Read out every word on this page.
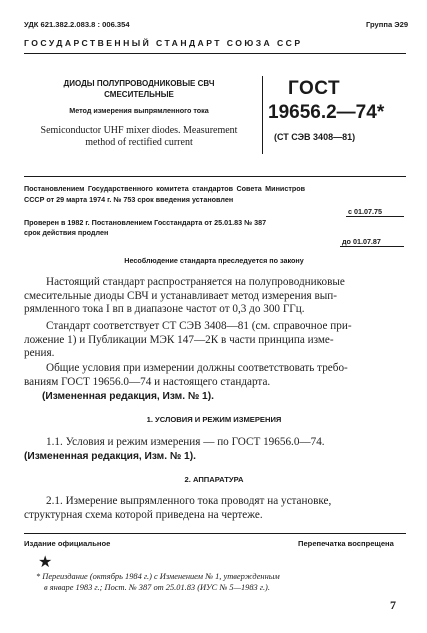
УДК 621.382.2.083.8 : 006.354	Группа Э29
ГОСУДАРСТВЕННЫЙ СТАНДАРТ СОЮЗА ССР
ДИОДЫ ПОЛУПРОВОДНИКОВЫЕ СВЧ
СМЕСИТЕЛЬНЫЕ
Метод измерения выпрямленного тока
Semiconductor UHF mixer diodes. Measurement
method of rectified current
ГОСТ
19656.2—74*
(СТ СЭВ 3408—81)
Постановлением Государственного комитета стандартов Совета Министров
СССР от 29 марта 1974 г. № 753 срок введения установлен
с 01.07.75
Проверен в 1982 г. Постановлением Госстандарта от 25.01.83 № 387
срок действия продлен
до 01.07.87
Несоблюдение стандарта преследуется по закону
Настоящий стандарт распространяется на полупроводниковые
смесительные диоды СВЧ и устанавливает метод измерения вып-
рямленного тока I вп в диапазоне частот от 0,3 до 300 ГГц.
Стандарт соответствует СТ СЭВ 3408—81 (см. справочное при-
ложение 1) и Публикации МЭК 147—2К в части принципа изме-
рения.
Общие условия при измерении должны соответствовать требо-
ваниям ГОСТ 19656.0—74 и настоящего стандарта.
(Измененная редакция, Изм. № 1).
1. УСЛОВИЯ И РЕЖИМ ИЗМЕРЕНИЯ
1.1. Условия и режим измерения — по ГОСТ 19656.0—74.
(Измененная редакция, Изм. № 1).
2. АППАРАТУРА
2.1. Измерение выпрямленного тока проводят на установке,
структурная схема которой приведена на чертеже.
Издание официальное	Перепечатка воспрещена
★
* Переиздание (октябрь 1984 г.) с Изменением № 1, утвержденным
в январе 1983 г.; Пост. № 387 от 25.01.83 (ИУС № 5—1983 г.).
7
